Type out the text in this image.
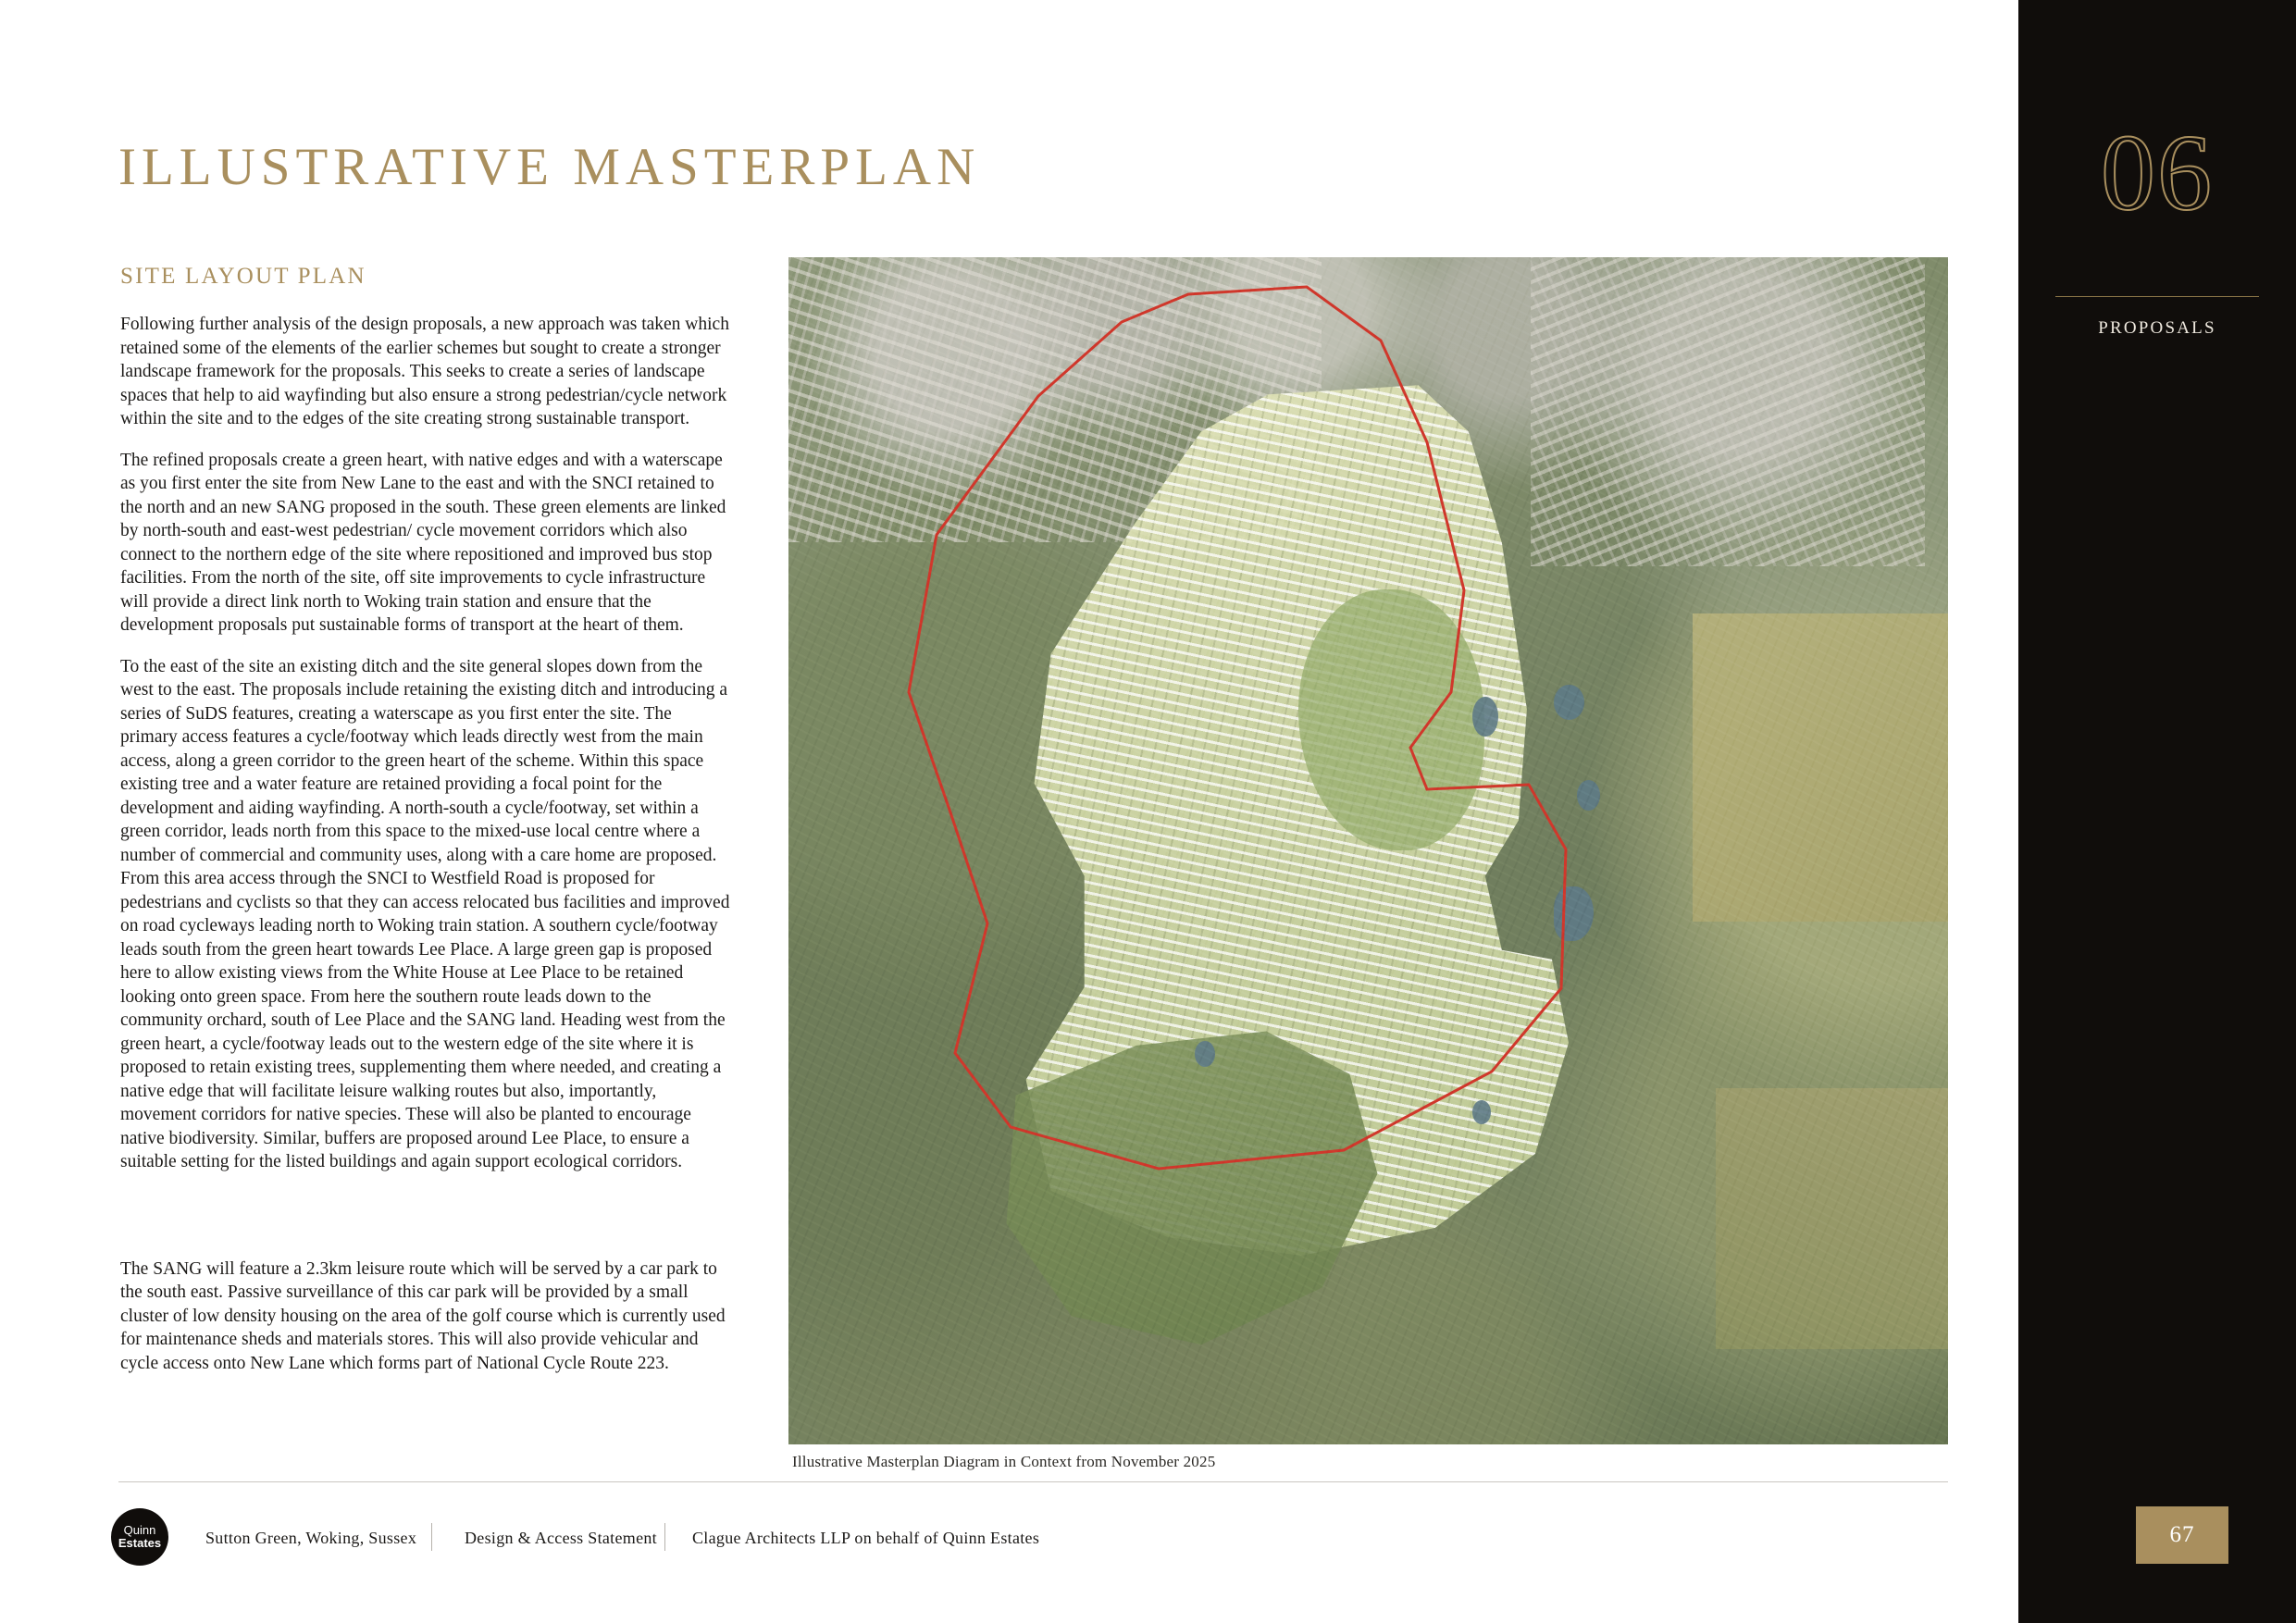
ILLUSTRATIVE MASTERPLAN
SITE LAYOUT PLAN

Following further analysis of the design proposals, a new approach was taken which retained some of the elements of the earlier schemes but sought to create a stronger landscape framework for the proposals. This seeks to create a series of landscape spaces that help to aid wayfinding but also ensure a strong pedestrian/cycle network within the site and to the edges of the site creating strong sustainable transport.

The refined proposals create a green heart, with native edges and with a waterscape as you first enter the site from New Lane to the east and with the SNCI retained to the north and an new SANG proposed in the south. These green elements are linked by north-south and east-west pedestrian/ cycle movement corridors which also connect to the northern edge of the site where repositioned and improved bus stop facilities. From the north of the site, off site improvements to cycle infrastructure will provide a direct link north to Woking train station and ensure that the development proposals put sustainable forms of transport at the heart of them.

To the east of the site an existing ditch and the site general slopes down from the west to the east. The proposals include retaining the existing ditch and introducing a series of SuDS features, creating a waterscape as you first enter the site. The primary access features a cycle/footway which leads directly west from the main access, along a green corridor to the green heart of the scheme. Within this space existing tree and a water feature are retained providing a focal point for the development and aiding wayfinding. A north-south a cycle/footway, set within a green corridor, leads north from this space to the mixed-use local centre where a number of commercial and community uses, along with a care home are proposed. From this area access through the SNCI to Westfield Road is proposed for pedestrians and cyclists so that they can access relocated bus facilities and improved on road cycleways leading north to Woking train station. A southern cycle/footway leads south from the green heart towards Lee Place. A large green gap is proposed here to allow existing views from the White House at Lee Place to be retained looking onto green space. From here the southern route leads down to the community orchard, south of Lee Place and the SANG land. Heading west from the green heart, a cycle/footway leads out to the western edge of the site where it is proposed to retain existing trees, supplementing them where needed, and creating a native edge that will facilitate leisure walking routes but also, importantly, movement corridors for native species. These will also be planted to encourage native biodiversity. Similar, buffers are proposed around Lee Place, to ensure a suitable setting for the listed buildings and again support ecological corridors.

The SANG will feature a 2.3km leisure route which will be served by a car park to the south east. Passive surveillance of this car park will be provided by a small cluster of low density housing on the area of the golf course which is currently used for maintenance sheds and materials stores. This will also provide vehicular and cycle access onto New Lane which forms part of National Cycle Route 223.

Illustrative Masterplan Diagram in Context from November 2025
Quinn
Estates	Sutton Green, Woking, Sussex	Design & Access Statement Clague Architects LLP on behalf of Quinn Estates
06
PROPOSALS
67
